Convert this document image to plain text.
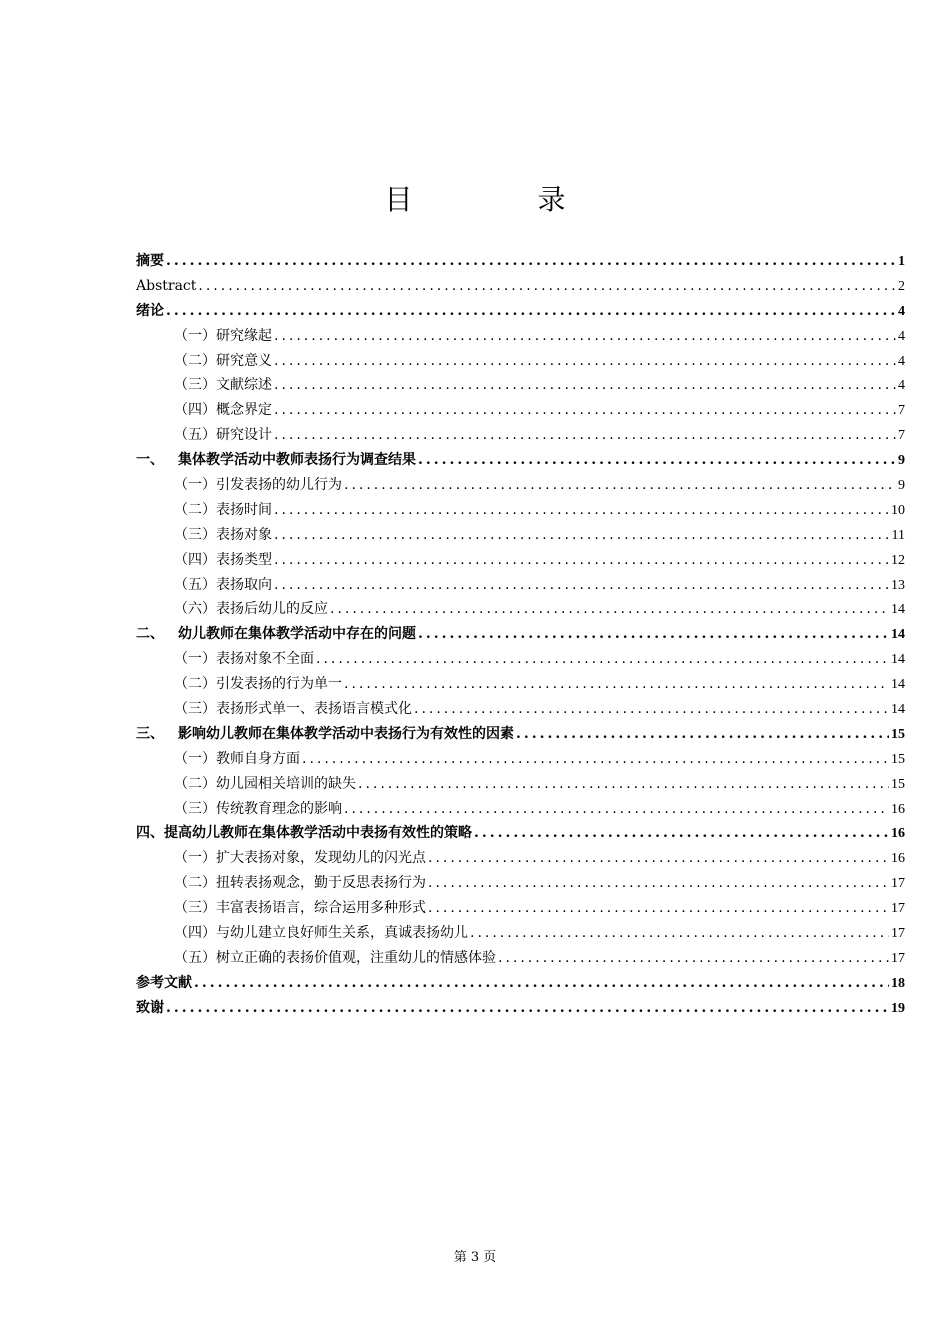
目 录
摘要 .....	1
Abstract .....	2
绪论 .....	4
（一）研究缘起 .....	4
（二）研究意义 .....	4
（三）文献综述 .....	4
（四）概念界定 .....	7
（五）研究设计 .....	7
一、 集体教学活动中教师表扬行为调查结果 .....	9
（一）引发表扬的幼儿行为 .....	9
（二）表扬时间 .....	10
（三）表扬对象 .....	11
（四）表扬类型 .....	12
（五）表扬取向 .....	13
（六）表扬后幼儿的反应 .....	14
二、 幼儿教师在集体教学活动中存在的问题 .....	14
（一）表扬对象不全面 .....	14
（二）引发表扬的行为单一 .....	14
（三）表扬形式单一、表扬语言模式化 .....	14
三、 影响幼儿教师在集体教学活动中表扬行为有效性的因素 .....	15
（一）教师自身方面 .....	15
（二）幼儿园相关培训的缺失 .....	15
（三）传统教育理念的影响 .....	16
四、提高幼儿教师在集体教学活动中表扬有效性的策略 .....	16
（一）扩大表扬对象，发现幼儿的闪光点 .....	16
（二）扭转表扬观念，勤于反思表扬行为 .....	17
（三）丰富表扬语言，综合运用多种形式 .....	17
（四）与幼儿建立良好师生关系，真诚表扬幼儿 .....	17
（五）树立正确的表扬价值观，注重幼儿的情感体验 .....	17
参考文献 .....	18
致谢 .....	19
第 3 页
